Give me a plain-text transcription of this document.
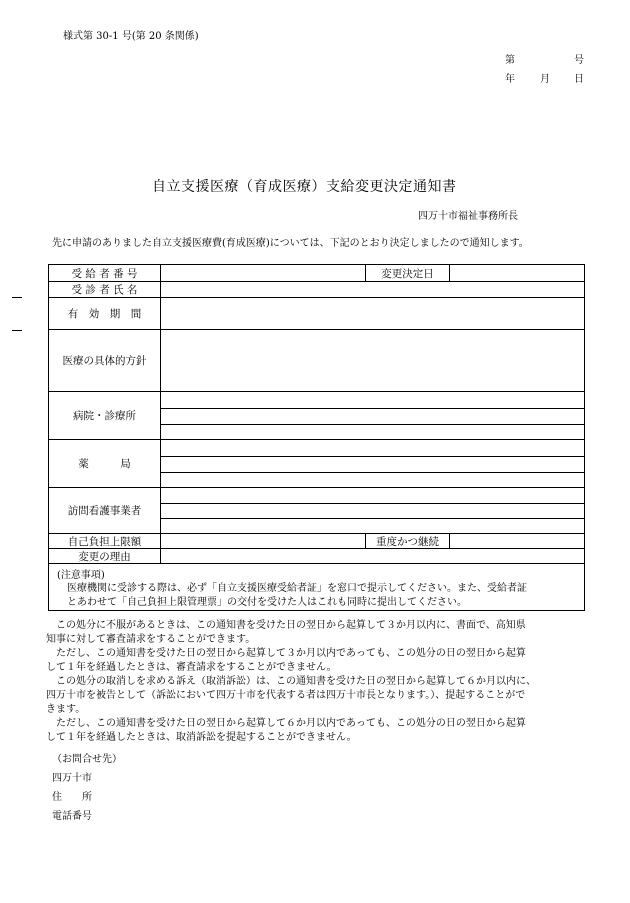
様式第 30-1 号(第 20 条関係)
第	号
年	月 日
自立支援医療（育成医療）支給変更決定通知書
四万十市福祉事務所長
先に申請のありました自立支援医療費(育成医療)については、下記のとおり決定しましたので通知します。
受 給 者 番 号	変更決定日
受 診 者 氏 名
有　効　期　間
医療の具体的方針
病院・診療所
薬　　　局
訪問看護事業者
自己負担上限額	重度かつ継続
変更の理由
(注意事項)
医療機関に受診する際は、必ず「自立支援医療受給者証」を窓口で提示してください。また、受給者証
とあわせて「自己負担上限管理票」の交付を受けた人はこれも同時に提出してください。
この処分に不服があるときは、この通知書を受けた日の翌日から起算して３か月以内に、書面で、高知県
知事に対して審査請求をすることができます。
ただし、この通知書を受けた日の翌日から起算して３か月以内であっても、この処分の日の翌日から起算
して１年を経過したときは、審査請求をすることができません。
この処分の取消しを求める訴え（取消訴訟）は、この通知書を受けた日の翌日から起算して６か月以内に、
四万十市を被告として（訴訟において四万十市を代表する者は四万十市長となります。）、提起することがで
きます。
ただし、この通知書を受けた日の翌日から起算して６か月以内であっても、この処分の日の翌日から起算
して１年を経過したときは、取消訴訟を提起することができません。
（お問合せ先）
四万十市
住　　所
電話番号
